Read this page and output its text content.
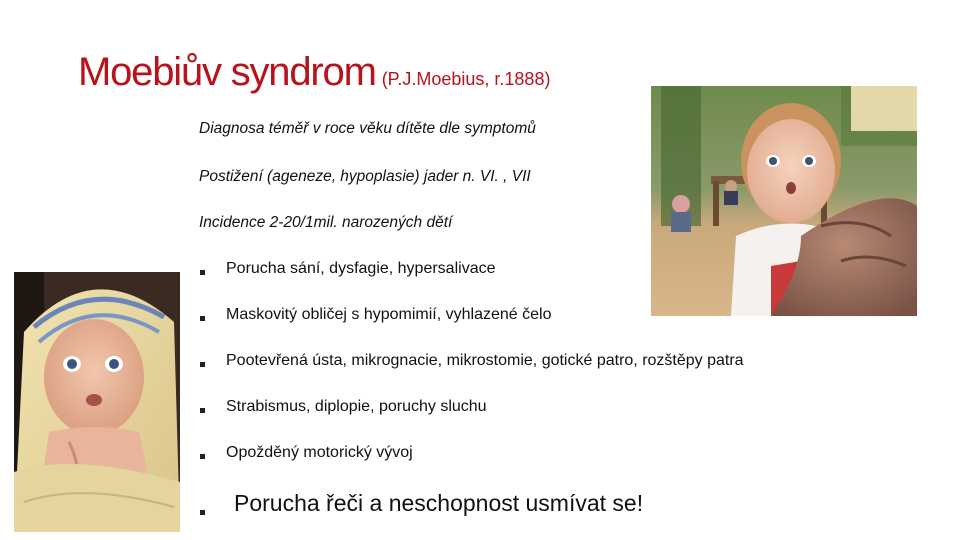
Moebiův syndrom (P.J.Moebius, r.1888)
Diagnosa téměř v roce věku dítěte dle symptomů
Postižení (ageneze, hypoplasie) jader n. VI. , VII
Incidence 2-20/1mil. narozených dětí
Porucha sání, dysfagie, hypersalivace
Maskovitý obličej s hypomimií, vyhlazené čelo
Pootevřená ústa, mikrognacie, mikrostomie, gotické patro, rozštěpy patra
Strabismus, diplopie, poruchy sluchu
Opožděný motorický vývoj
Porucha řeči a neschopnost usmívat se!
